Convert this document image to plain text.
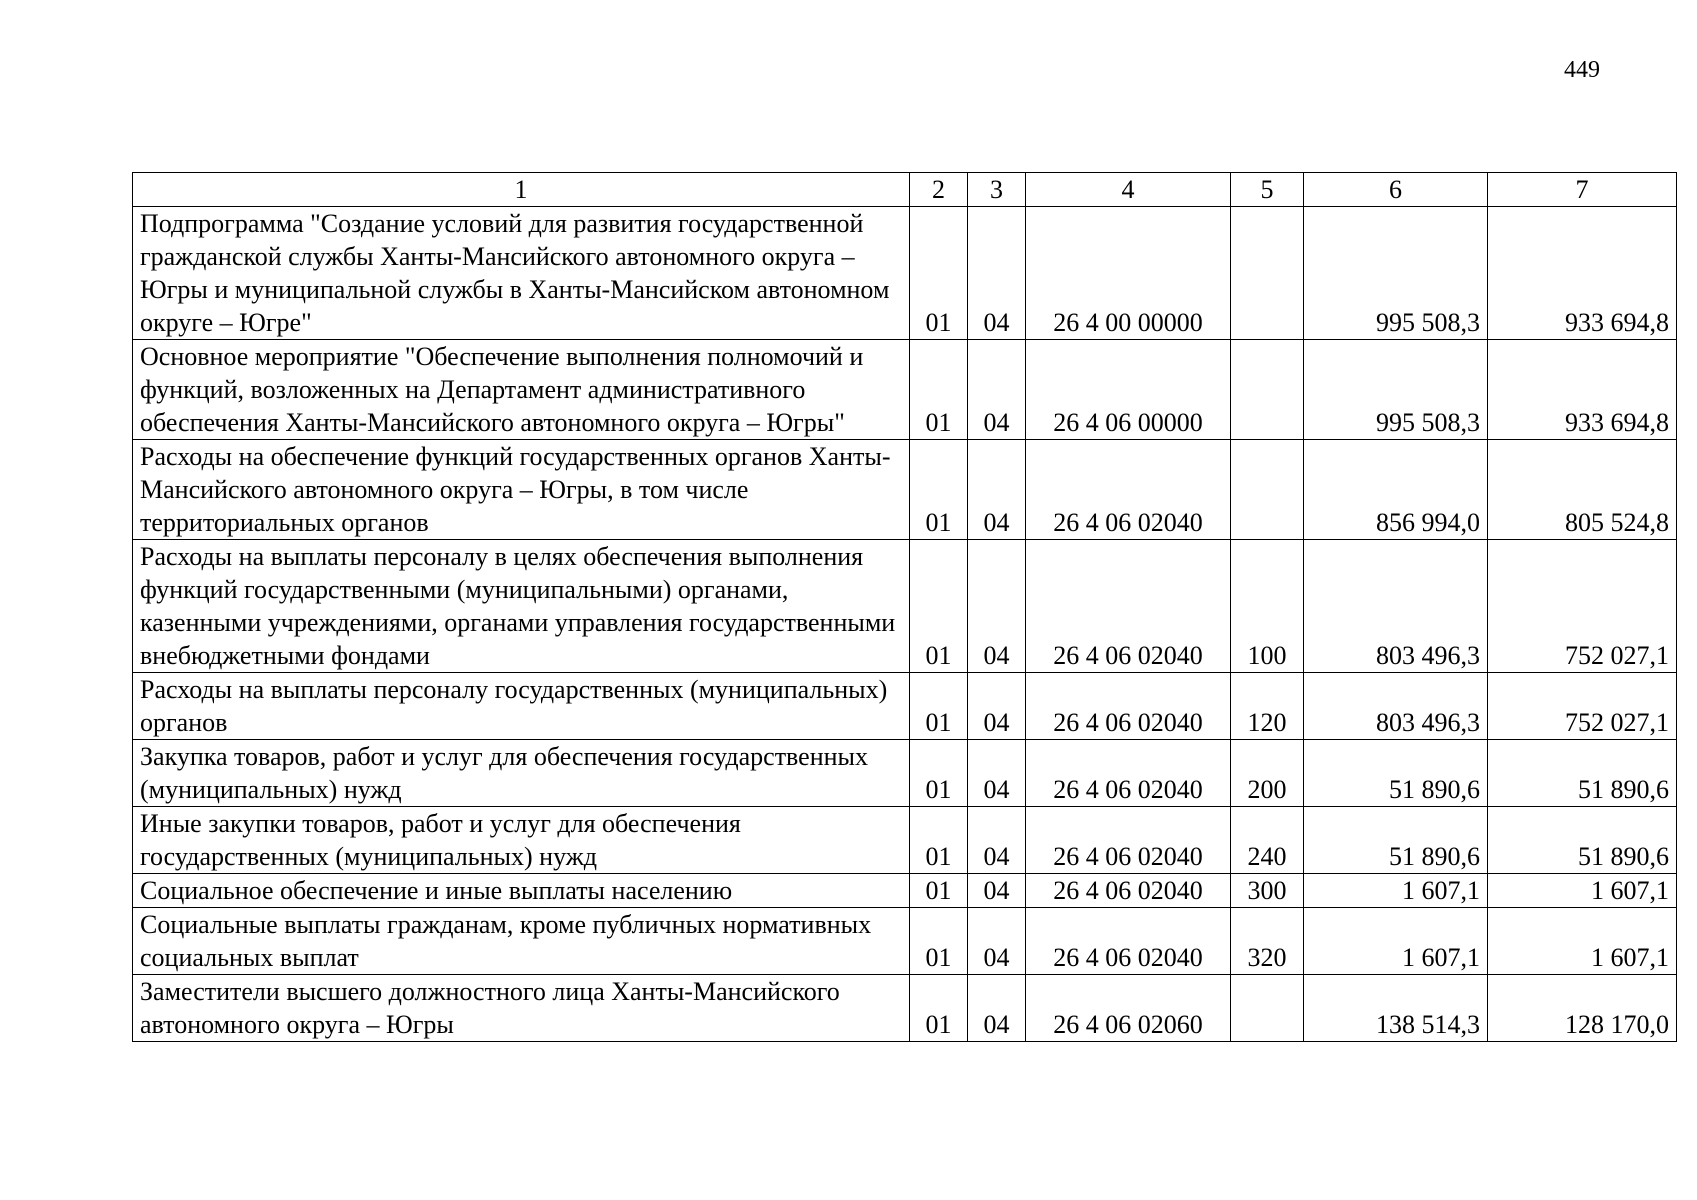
449
1	2	3	4	5	6	7
Подпрограмма "Создание условий для развития государственной гражданской службы Ханты-Мансийского автономного округа – Югры и муниципальной службы в Ханты-Мансийском автономном округе – Югре"	01	04	26 4 00 00000		995 508,3	933 694,8
Основное мероприятие "Обеспечение выполнения полномочий и функций, возложенных на Департамент административного обеспечения Ханты-Мансийского автономного округа – Югры"	01	04	26 4 06 00000		995 508,3	933 694,8
Расходы на обеспечение функций государственных органов Ханты-Мансийского автономного округа – Югры, в том числе территориальных органов	01	04	26 4 06 02040		856 994,0	805 524,8
Расходы на выплаты персоналу в целях обеспечения выполнения функций государственными (муниципальными) органами, казенными учреждениями, органами управления государственными внебюджетными фондами	01	04	26 4 06 02040	100	803 496,3	752 027,1
Расходы на выплаты персоналу государственных (муниципальных) органов	01	04	26 4 06 02040	120	803 496,3	752 027,1
Закупка товаров, работ и услуг для обеспечения государственных (муниципальных) нужд	01	04	26 4 06 02040	200	51 890,6	51 890,6
Иные закупки товаров, работ и услуг для обеспечения государственных (муниципальных) нужд	01	04	26 4 06 02040	240	51 890,6	51 890,6
Социальное обеспечение и иные выплаты населению	01	04	26 4 06 02040	300	1 607,1	1 607,1
Социальные выплаты гражданам, кроме публичных нормативных социальных выплат	01	04	26 4 06 02040	320	1 607,1	1 607,1
Заместители высшего должностного лица Ханты-Мансийского автономного округа – Югры	01	04	26 4 06 02060		138 514,3	128 170,0
